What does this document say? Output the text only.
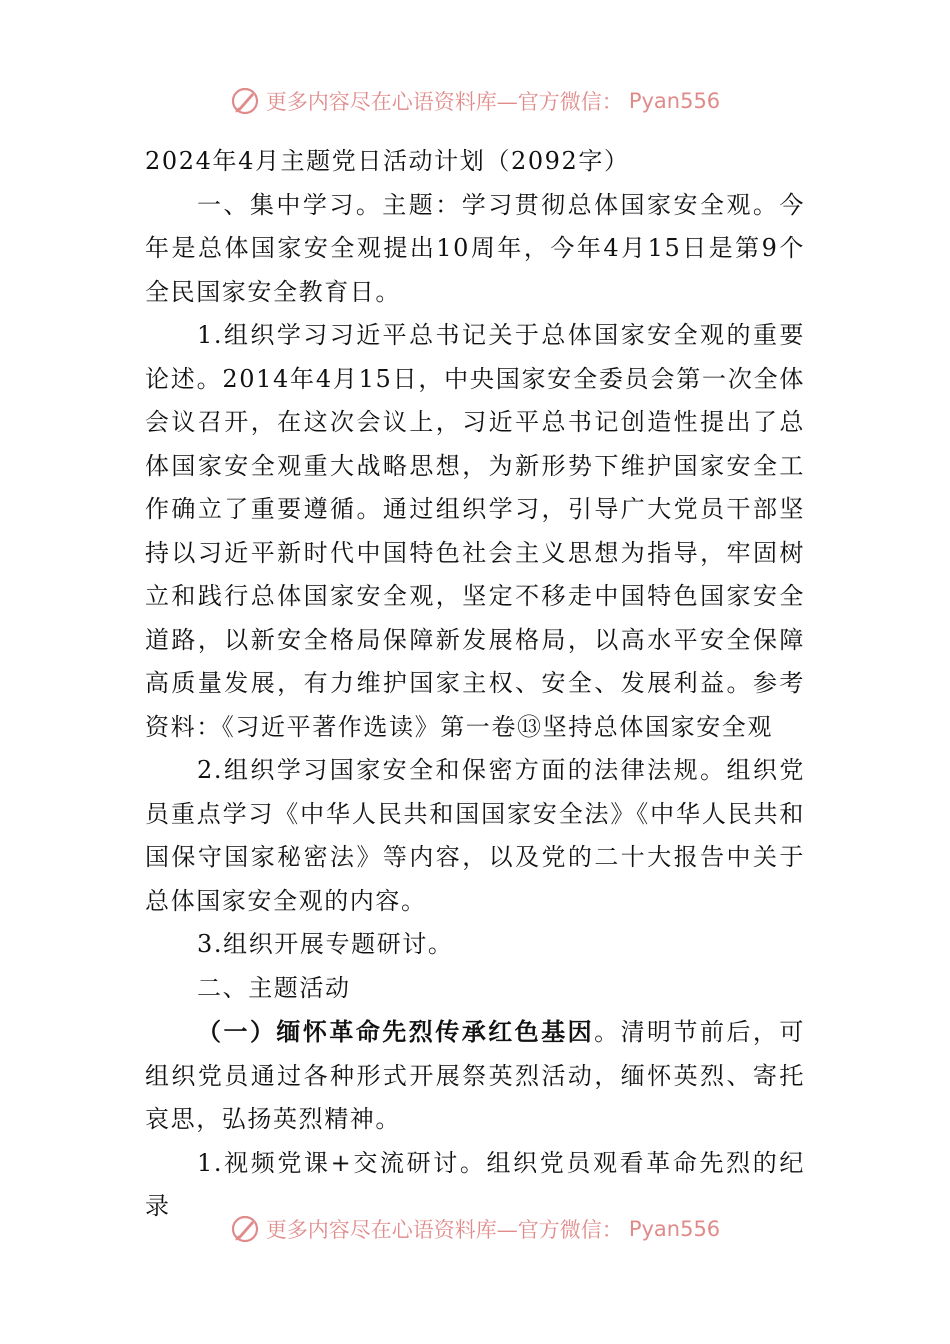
更多内容尽在心语资料库—官方微信： Pyan556

2024年4月主题党日活动计划（2092字）

一、集中学习。主题：学习贯彻总体国家安全观。今年是总体国家安全观提出10周年，今年4月15日是第9个全民国家安全教育日。

1.组织学习习近平总书记关于总体国家安全观的重要论述。2014年4月15日，中央国家安全委员会第一次全体会议召开，在这次会议上，习近平总书记创造性提出了总体国家安全观重大战略思想，为新形势下维护国家安全工作确立了重要遵循。通过组织学习，引导广大党员干部坚持以习近平新时代中国特色社会主义思想为指导，牢固树立和践行总体国家安全观，坚定不移走中国特色国家安全道路，以新安全格局保障新发展格局，以高水平安全保障高质量发展，有力维护国家主权、安全、发展利益。参考资料：《习近平著作选读》第一卷⑬坚持总体国家安全观

2.组织学习国家安全和保密方面的法律法规。组织党员重点学习《中华人民共和国国家安全法》《中华人民共和国保守国家秘密法》等内容，以及党的二十大报告中关于总体国家安全观的内容。

3.组织开展专题研讨。

二、主题活动

（一）缅怀革命先烈传承红色基因。清明节前后，可组织党员通过各种形式开展祭英烈活动，缅怀英烈、寄托哀思，弘扬英烈精神。

1.视频党课+交流研讨。组织党员观看革命先烈的纪录

更多内容尽在心语资料库—官方微信： Pyan556
